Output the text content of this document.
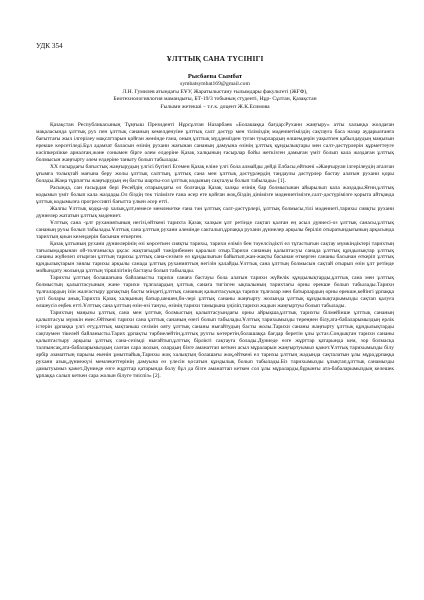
УДК 354

ҰЛТТЫҚ САНА ТҮСІНІГІ

Рысбаева Сымбат

symbatsymbat169@gmail.com

Л.Н. Гумилев атындағы ЕҰУ, Жаратылыстану ғылымдары факультеті (ЖҒФ),

Биотехнологиялогия мамандығы, БТ-19/3 тобының студенті, Нұр- Сұлтан, Қазақстан

Ғылыми жетекші – т.ғ.к. доцент Ж.К.Есимова

Қазақстан Республикасының Тұңғыш Президенті Нұрсұлтан Назарбаев «Болашаққа бағдар:Рухани жаңғыру» атты халыққа жолдаған мақаласында ұлттық рух пен ұлттық сананың кемелденуіне ұлттық салт дәстүр мен тіліміздің мәдениетіміздің сақтауға баса назар аударылғанға бағыттағы жыл ілгерілеу мақсаттарын қойған жөнінде ғана, оның ұлттық мүддемізден туған туырлардың өлшемдерін уақытпен қабылдаудың маңызын ерекше көрсетіледі.Бұл адамзат баласын өзінің рухани жағынан сананың дамуына өзінің ұлттық құндылықтары мен салт-дәстүрлерін құрметтеуге кәсіпкерлікке арналған,және сонымен бірге әлем елдеріне Қазақ халқының ғасырлар бойы жеткізген дамыған үміт болып кала жаздаған ұлттық болмысын жаңғырту әлем елдеріне таныту болып табылады.

XX ғасырдағы батыстық жаңғырудың үлгісі бүгінгі Егемен Қазақ еліне үлгі бола алмайды дейді Елбасы,өйткені «Жаңғыруан ілгерілеудің аталған ұғымға толықтай мағына беру жолы ұлттық салттың, ұлттық сана мен ұлттық дәстүрлердің таңдаулы дәстүрлер бастау алатын рухани қоры болады.Жаңа тұрпатты жаңғырудың ең басты шарты-сол ұлттық кодының сақталуы болып табылады» [1].

Расында, сан ғасырдан бері Ресейдің отарындағы ел болғанда Қазақ халқы өзінің бар болмысынан айырылып кала жаздады.Яғни,ұлттық кодымыз үміт болып кала жаздады.Ол біздің тек тілімізге ғана әсер ете қойған жоқ,біздің дінімізге мәдениетімізге,салт-дәстүрімізге қорыта айтқанда ұлттық кодымызға прогрессивті бағытта үлкен әсер етті.

Жалпы Ұлттық кодқа-әр халық,ұлт,немесе мемлекетке ғана тән ұлттық салт-дәстүрлері, ұлттық болмысы,тілі мәдениеті,тарихы сияқты рухани дүниелер жататын ұлттық мәдениет.

Ұлттық сана -ұлт руханиятының негізі,өйткені тарихта Қазақ халқын ұлт ретінде сақтап қалған ең асыл дүниесі-оз ұлттық санасы,ұлттық сананың рухы болып табылады.Ұлттық сана ұлттың рухани әлемінде сакталып,ұрпаққа рухани дүниелер арқылы беріліп отыратындығының арқасында тарихтың қиын кезеңдерін басынан өткерген.

Қазақ ұлтының рухани дүниелерінің өзі көрсеткен сияқты тарихы, тарихи еліміз бен тәуелсіздікті ел тұтастығын сақтау мүмкіндіктері тарихтың тағылымдарынан ой-толғанысқа ұқсас жақтағыдай тәжірибемен қаралып отыр.Тарихи сананың қалыптасуы санада ұлттық құндылықтар ұлттық сананы жүйелеп отырған ұлттың тарихы ұлттық сана-сезімге өз құндылығын байытып,жан-жақты басынан өткерген сананы басынан өткеріп ұлттық құндылықтарын зиялы тарихы арқылы санада ұлттық руханияттың негізін қалайды.Ұлттық сана ұлттың болмысын сақтай отырып өзін ұлт ретінде мойындату жолында ұлттың тіршілігінің бастауы болып табылады.

Тарихты ұлттың болашағына байланысты тарихи санаға бастауы бола алатын тарихи жүйелік құндылықтарды,ұлттық сана мен ұлттық болмыстың қалыптасуының және тарихи тұлғалардың ұлттық санаға тигізген ықпалының тарихтағы орны ерекше болып табылады.Тарихи тұлғалардың ізін жалғастыру ұрпақтың басты міндеті,ұлттық сананың қалыптасуында тарихи тұлғалар мен батырлардың орны ерекше,кейінгі ұрпаққа үлгі болары анық.Тарихта Қазақ халқының батыр,шешен,би-лері ұлттық сананы жаңғырту жолында ұлттық құндылықтарымызды сақтап қалуға өлшеусіз еңбек етті.Ұлттық сана ұлттың өзін-өзі тануы, өзінің тарихи тамырына үңіліп,тарихи жадын жаңғыртуы болып табылады.

Тарихтың маңызы ұлттық сана мен ұлттық болмыстың қалыптасуындағы орны айрықша,ұлттық тарихты білмейінше ұлттық сананың қалыптасуы мүмкін емес.Өйткені тарихи сана ұлттық сананың өзегі болып табылады.Ұлттық тарихымызды тереңнен білу,ата-бабаларымыздың ерлік істерін ұрпаққа үлгі ету,ұлттық мақтаныш сезімін ояту ұлттық сананы нығайтудың басты жолы.Тарихи сананы жаңғырту ұлттық құндылықтарды сақтаумен тікелей байланысты.Тарих ұрпақты тәрбиелейтін,ұлттық рухты көтеретін,болашаққа бағдар беретін ұлы ұстаз.Сондықтан тарихи сананы қалыптастыру арқылы ұлттық сана-сезімді нығайтып,ұлттық бірлікті сақтауға болады.Дүниеде өзге жұрттар қатарында кем, зор болмасқа талпынсақ,ата-бабаларымыздың салған сара жолын, олардың бізге аманаттап кеткен асыл мұраларын жаңғыртуымыз қажет.Ұлттық тарихымызды білу әрбір азаматтың парызы екенін ұмытпайық.Тарихы жоқ халықтың болашағы жоқ,өйткені ел тарихы ұлттың жадында сақталатын ұлы мұра,ұрпаққа рухани азық,дүниежүзі мемлекеттерінің дамуына өз үлесін қосатын құндылық болып табылады.Біз тарихымызды ұлықтап,ұлттық санамызды дамытуымыз қажет.Дүниеде өзге жұрттар қатарында болу бұл да бізге аманаттап кеткен сол ұлы мұраларды,бұрынғы ата-бабаларымыздың келешек ұрпаққа салып кеткен сара жолын білуге тиіспіз» [2].
